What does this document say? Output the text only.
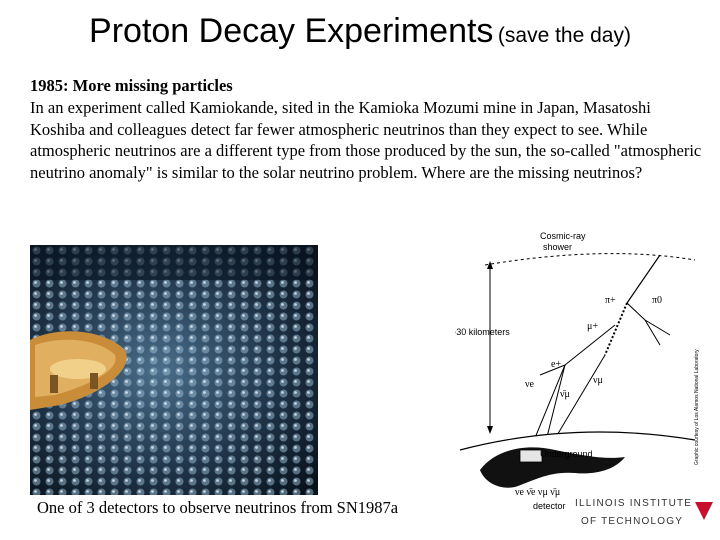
Proton Decay Experiments (save the day)
1985: More missing particles
In an experiment called Kamiokande, sited in the Kamioka Mozumi mine in Japan, Masatoshi Koshiba and colleagues detect far fewer atmospheric neutrinos than they expect to see. While atmospheric neutrinos are a different type from those produced by the sun, the so-called "atmospheric neutrino anomaly" is similar to the solar neutrino problem. Where are the missing neutrinos?
Cosmic-ray
shower
π+	π0
μ+
e+
νe
ν̄μ
νμ
~30 kilometers
Underground
νe ν̄e νμ ν̄μ
detector
Graphic courtesy of Los Alamos National Laboratory
One of 3 detectors to observe neutrinos from SN1987a	ILLINOIS INSTITUTE
OF TECHNOLOGY
